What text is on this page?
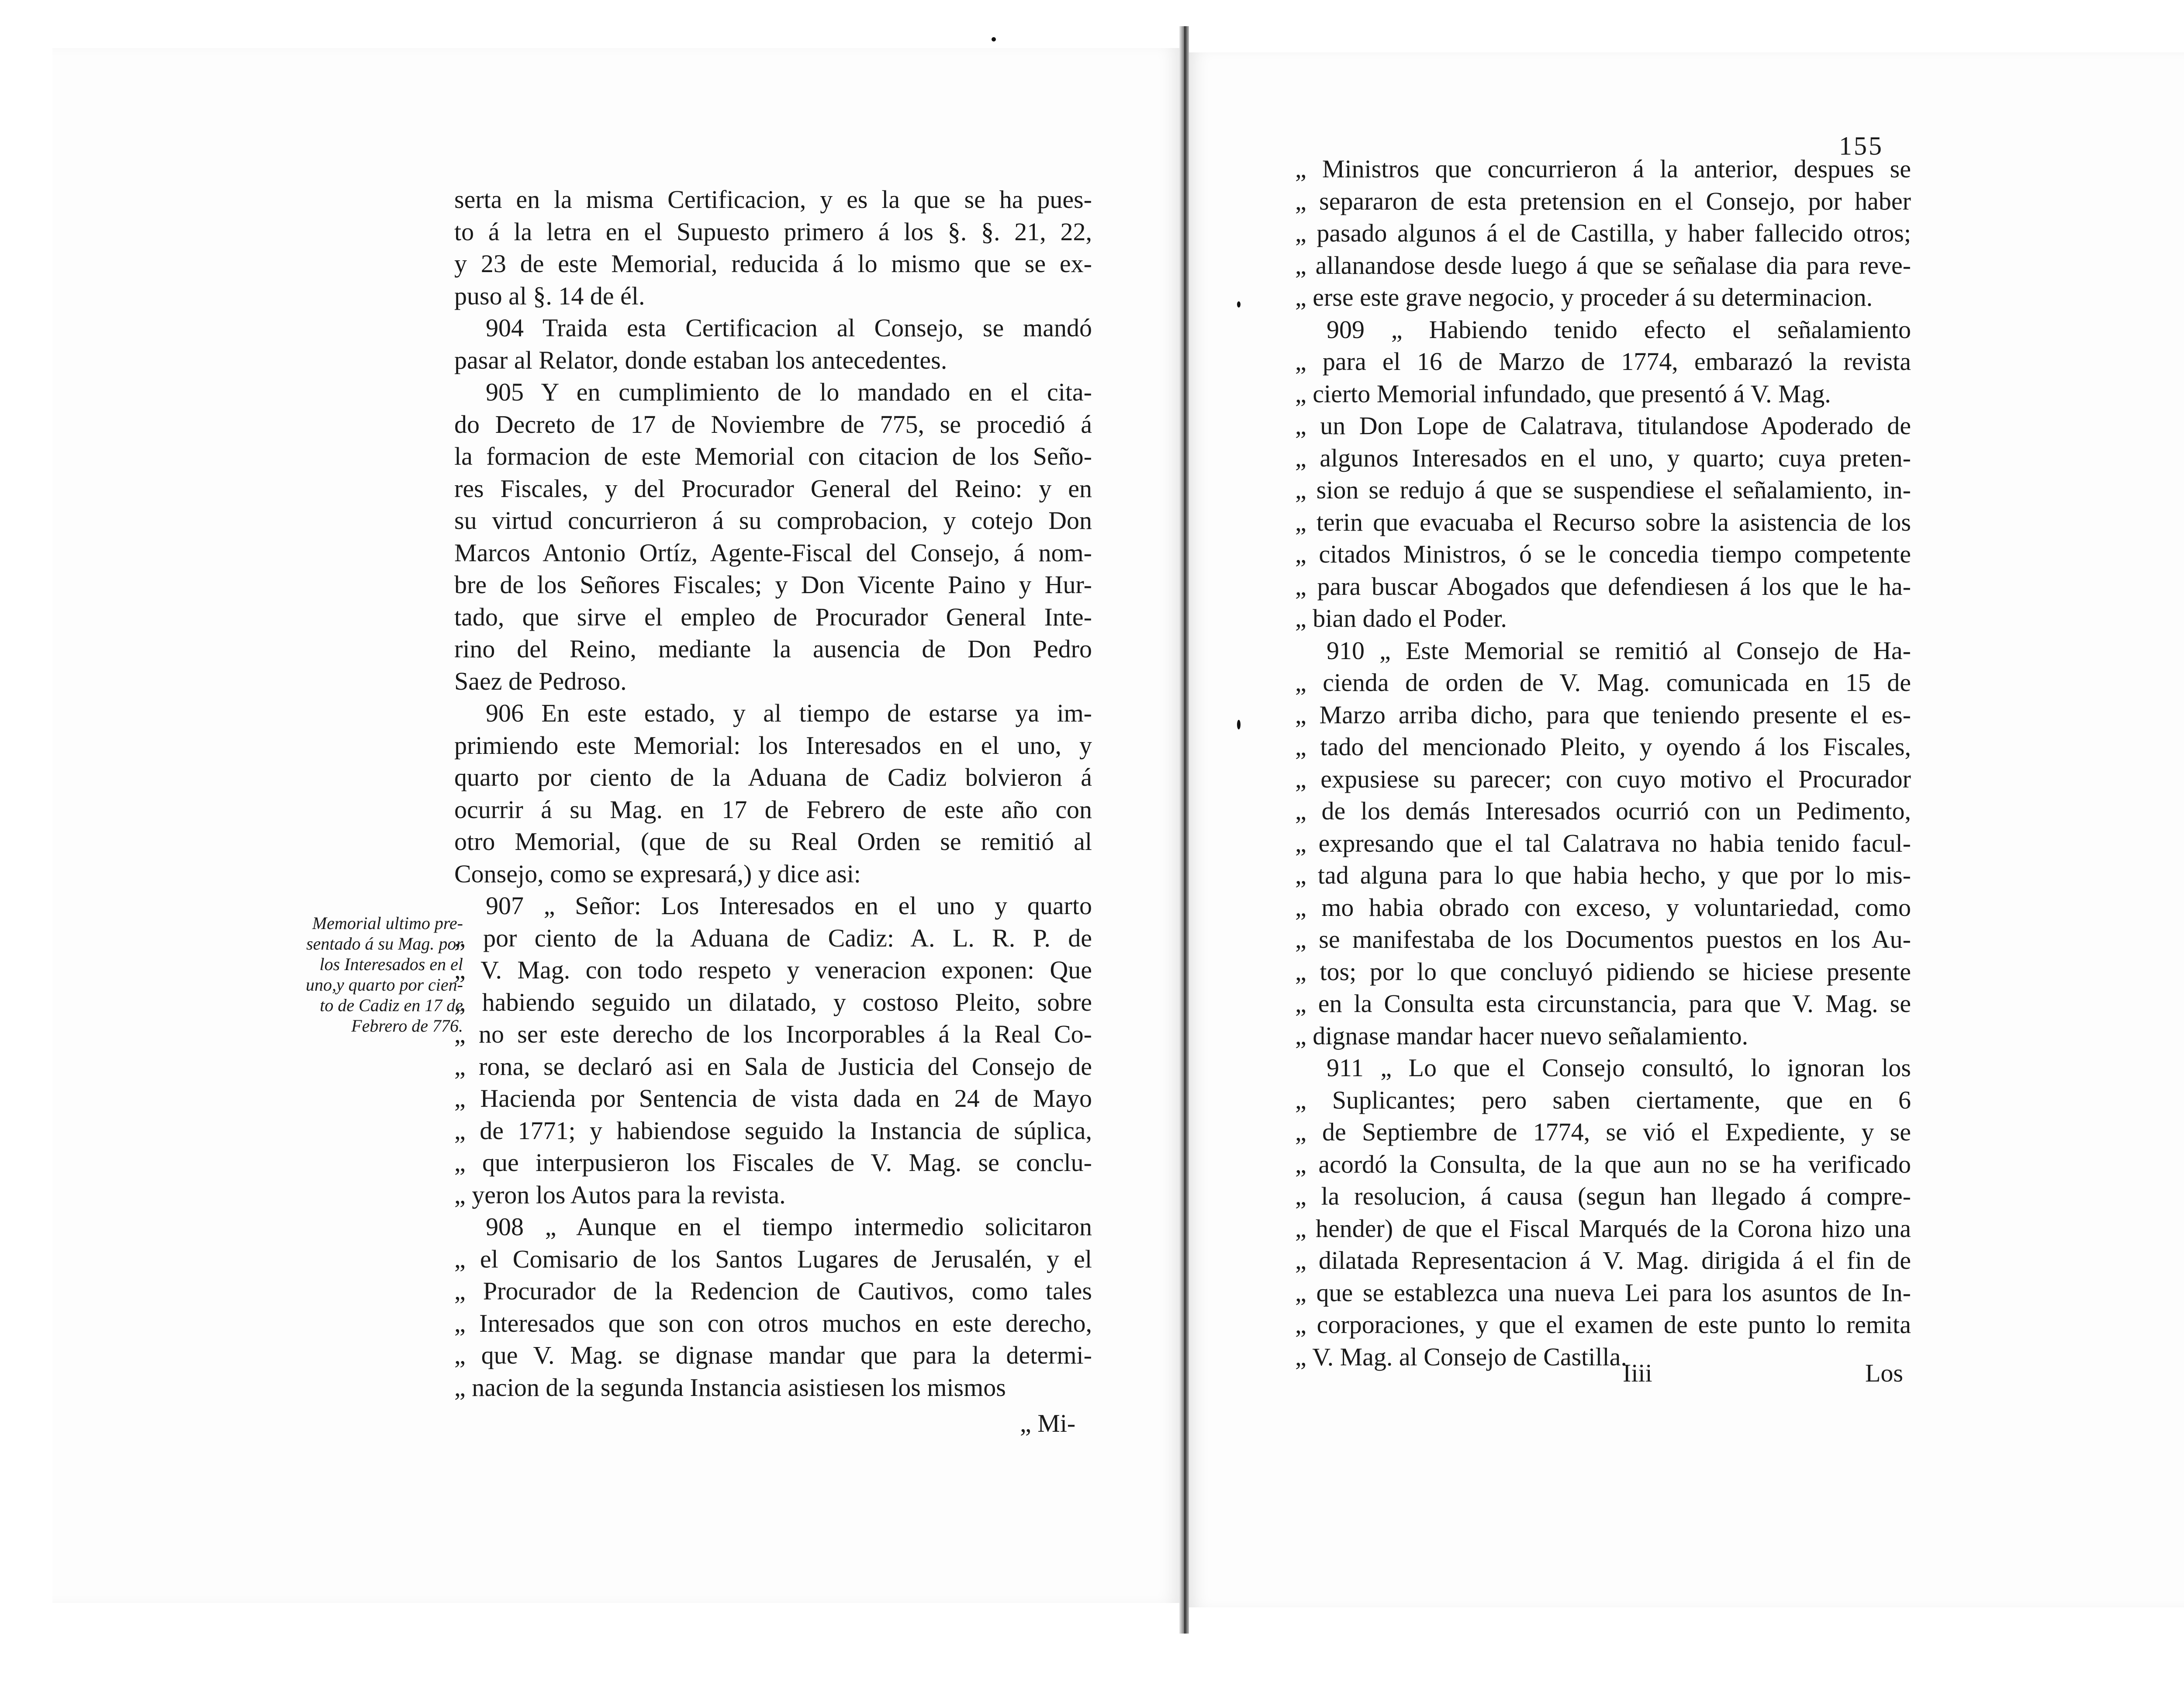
Memorial ultimo pre-
sentado á su Mag. por
los Interesados en el
uno,y quarto por cien-
to de Cadiz en 17 de
Febrero de 776.
serta en la misma Certificacion, y es la que se ha pues-
to á la letra en el Supuesto primero á los §. §. 21, 22,
y 23 de este Memorial, reducida á lo mismo que se ex-
puso al §. 14 de él.
904 Traida esta Certificacion al Consejo, se mandó
pasar al Relator, donde estaban los antecedentes.
905 Y en cumplimiento de lo mandado en el cita-
do Decreto de 17 de Noviembre de 775, se procedió á
la formacion de este Memorial con citacion de los Seño-
res Fiscales, y del Procurador General del Reino: y en
su virtud concurrieron á su comprobacion, y cotejo Don
Marcos Antonio Ortíz, Agente-Fiscal del Consejo, á nom-
bre de los Señores Fiscales; y Don Vicente Paino y Hur-
tado, que sirve el empleo de Procurador General Inte-
rino del Reino, mediante la ausencia de Don Pedro
Saez de Pedroso.
906 En este estado, y al tiempo de estarse ya im-
primiendo este Memorial: los Interesados en el uno, y
quarto por ciento de la Aduana de Cadiz bolvieron á
ocurrir á su Mag. en 17 de Febrero de este año con
otro Memorial, (que de su Real Orden se remitió al
Consejo, como se expresará,) y dice asi:
907 „ Señor: Los Interesados en el uno y quarto
„ por ciento de la Aduana de Cadiz: A. L. R. P. de
„ V. Mag. con todo respeto y veneracion exponen: Que
„ habiendo seguido un dilatado, y costoso Pleito, sobre
„ no ser este derecho de los Incorporables á la Real Co-
„ rona, se declaró asi en Sala de Justicia del Consejo de
„ Hacienda por Sentencia de vista dada en 24 de Mayo
„ de 1771; y habiendose seguido la Instancia de súplica,
„ que interpusieron los Fiscales de V. Mag. se conclu-
„ yeron los Autos para la revista.
908 „ Aunque en el tiempo intermedio solicitaron
„ el Comisario de los Santos Lugares de Jerusalén, y el
„ Procurador de la Redencion de Cautivos, como tales
„ Interesados que son con otros muchos en este derecho,
„ que V. Mag. se dignase mandar que para la determi-
„ nacion de la segunda Instancia asistiesen los mismos
„ Mi-
155
„ Ministros que concurrieron á la anterior, despues se
„ separaron de esta pretension en el Consejo, por haber
„ pasado algunos á el de Castilla, y haber fallecido otros;
„ allanandose desde luego á que se señalase dia para reve-
„ erse este grave negocio, y proceder á su determinacion.
909 „ Habiendo tenido efecto el señalamiento
„ para el 16 de Marzo de 1774, embarazó la revista
„ cierto Memorial infundado, que presentó á V. Mag.
„ un Don Lope de Calatrava, titulandose Apoderado de
„ algunos Interesados en el uno, y quarto; cuya preten-
„ sion se redujo á que se suspendiese el señalamiento, in-
„ terin que evacuaba el Recurso sobre la asistencia de los
„ citados Ministros, ó se le concedia tiempo competente
„ para buscar Abogados que defendiesen á los que le ha-
„ bian dado el Poder.
910 „ Este Memorial se remitió al Consejo de Ha-
„ cienda de orden de V. Mag. comunicada en 15 de
„ Marzo arriba dicho, para que teniendo presente el es-
„ tado del mencionado Pleito, y oyendo á los Fiscales,
„ expusiese su parecer; con cuyo motivo el Procurador
„ de los demás Interesados ocurrió con un Pedimento,
„ expresando que el tal Calatrava no habia tenido facul-
„ tad alguna para lo que habia hecho, y que por lo mis-
„ mo habia obrado con exceso, y voluntariedad, como
„ se manifestaba de los Documentos puestos en los Au-
„ tos; por lo que concluyó pidiendo se hiciese presente
„ en la Consulta esta circunstancia, para que V. Mag. se
„ dignase mandar hacer nuevo señalamiento.
911 „ Lo que el Consejo consultó, lo ignoran los
„ Suplicantes; pero saben ciertamente, que en 6
„ de Septiembre de 1774, se vió el Expediente, y se
„ acordó la Consulta, de la que aun no se ha verificado
„ la resolucion, á causa (segun han llegado á compre-
„ hender) de que el Fiscal Marqués de la Corona hizo una
„ dilatada Representacion á V. Mag. dirigida á el fin de
„ que se establezca una nueva Lei para los asuntos de In-
„ corporaciones, y que el examen de este punto lo remita
„ V. Mag. al Consejo de Castilla.
Iiii	Los
